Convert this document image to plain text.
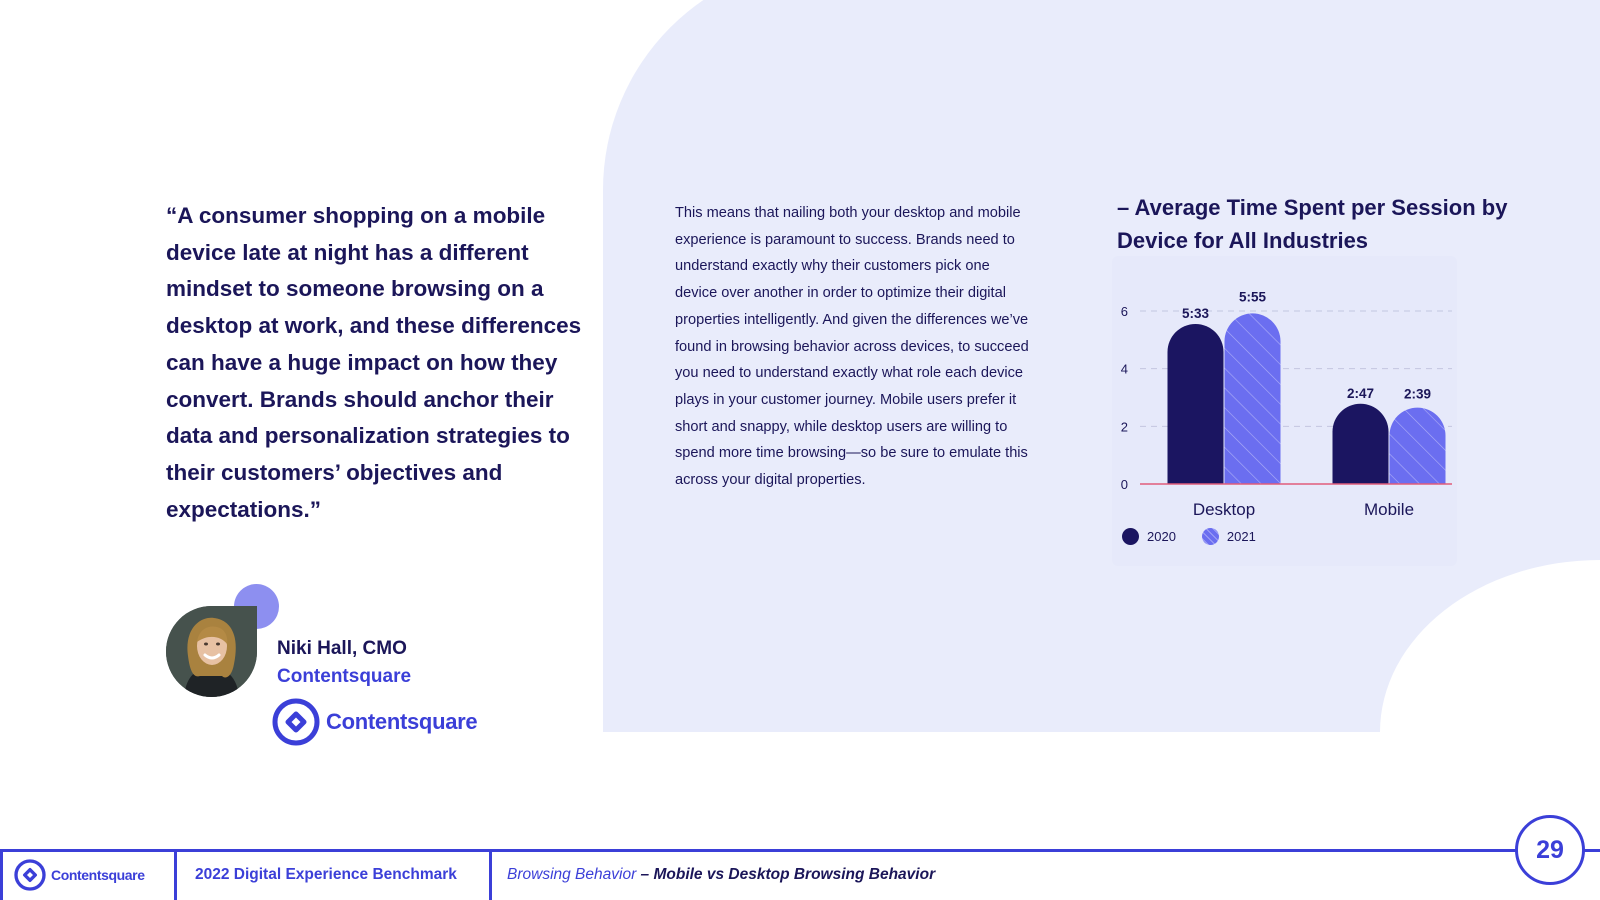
“A consumer shopping on a mobile device late at night has a different mindset to someone browsing on a desktop at work, and these differences can have a huge impact on how they convert. Brands should anchor their data and personalization strategies to their customers’ objectives and expectations.”

Niki Hall, CMO
Contentsquare
Contentsquare

This means that nailing both your desktop and mobile experience is paramount to success. Brands need to understand exactly why their customers pick one device over another in order to optimize their digital properties intelligently. And given the differences we’ve found in browsing behavior across devices, to succeed you need to understand exactly what role each device plays in your customer journey. Mobile users prefer it short and snappy, while desktop users are willing to spend more time browsing—so be sure to emulate this across your digital properties.

– Average Time Spent per Session by Device for All Industries

0
2
4
6	5:33
5:55
Desktop
2:47 2:39
Mobile
2020	2021
Contentsquare	2022 Digital Experience Benchmark	Browsing Behavior – Mobile vs Desktop Browsing Behavior
29
